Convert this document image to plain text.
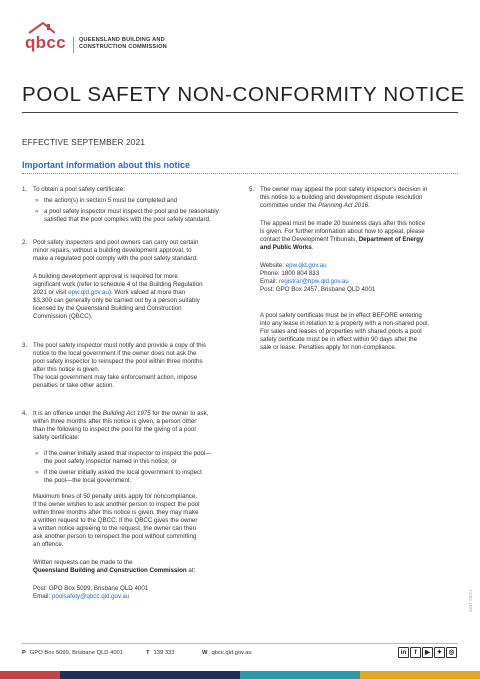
qbcc QUEENSLAND BUILDING AND
CONSTRUCTION COMMISSION
POOL SAFETY NON-CONFORMITY NOTICE
EFFECTIVE SEPTEMBER 2021
Important information about this notice
1. To obtain a pool safety certificate:
» the action(s) in section 5 must be completed and
» a pool safety inspector must inspect the pool and be reasonably
satisfied that the pool complies with the pool safety standard.
2. Pool safety inspectors and pool owners can carry out certain
minor repairs, without a building development approval, to
make a regulated pool comply with the pool safety standard.
A building development approval is required for more
significant work (refer to schedule 4 of the Building Regulation
2021 or visit epw.qld.gov.au). Work valued at more than
$3,300 can generally only be carried out by a person suitably
licensed by the Queensland Building and Construction
Commission (QBCC).
3. The pool safety inspector must notify and provide a copy of this
notice to the local government if the owner does not ask the
pool safety inspector to reinspect the pool within three months
after this notice is given.
The local government may take enforcement action, impose
penalties or take other action.
4. It is an offence under the Building Act 1975 for the owner to ask,
within three months after this notice is given, a person other
than the following to inspect the pool for the giving of a pool
safety certificate:
» if the owner initially asked that inspector to inspect the pool—
the pool safety inspector named in this notice; or
» if the owner initially asked the local government to inspect
the pool—the local government.
Maximum fines of 50 penalty units apply for noncompliance.
If the owner wishes to ask another person to inspect the pool
within three months after this notice is given, they may make
a written request to the QBCC. If the QBCC gives the owner
a written notice agreeing to the request, the owner can then
ask another person to reinspect the pool without committing
an offence.
Written requests can be made to the
Queensland Building and Construction Commission at:
Post: GPO Box 5099, Brisbane QLD 4001
Email: poolsafety@qbcc.qld.gov.au
5. The owner may appeal the pool safety inspector’s decision in
this notice to a building and development dispute resolution
committee under the Planning Act 2016.
The appeal must be made 20 business days after this notice
is given. For further information about how to appeal, please
contact the Development Tribunals, Department of Energy
and Public Works.
Website: epw.qld.gov.au
Phone: 1800 804 833
Email: registrar@hpw.qld.gov.au
Post: GPO Box 2457, Brisbane QLD 4001
A pool safety certificate must be in effect BEFORE entering
into any lease in relation to a property with a non-shared pool.
For sales and leases of properties with shared pools a pool
safety certificate must be in effect within 90 days after the
sale or lease. Penalties apply for non-compliance.
4847 09/21
P GPO Box 5099, Brisbane QLD 4001	T 139 333	W qbcc.qld.gov.au	in	f	▶	✦ ◎
